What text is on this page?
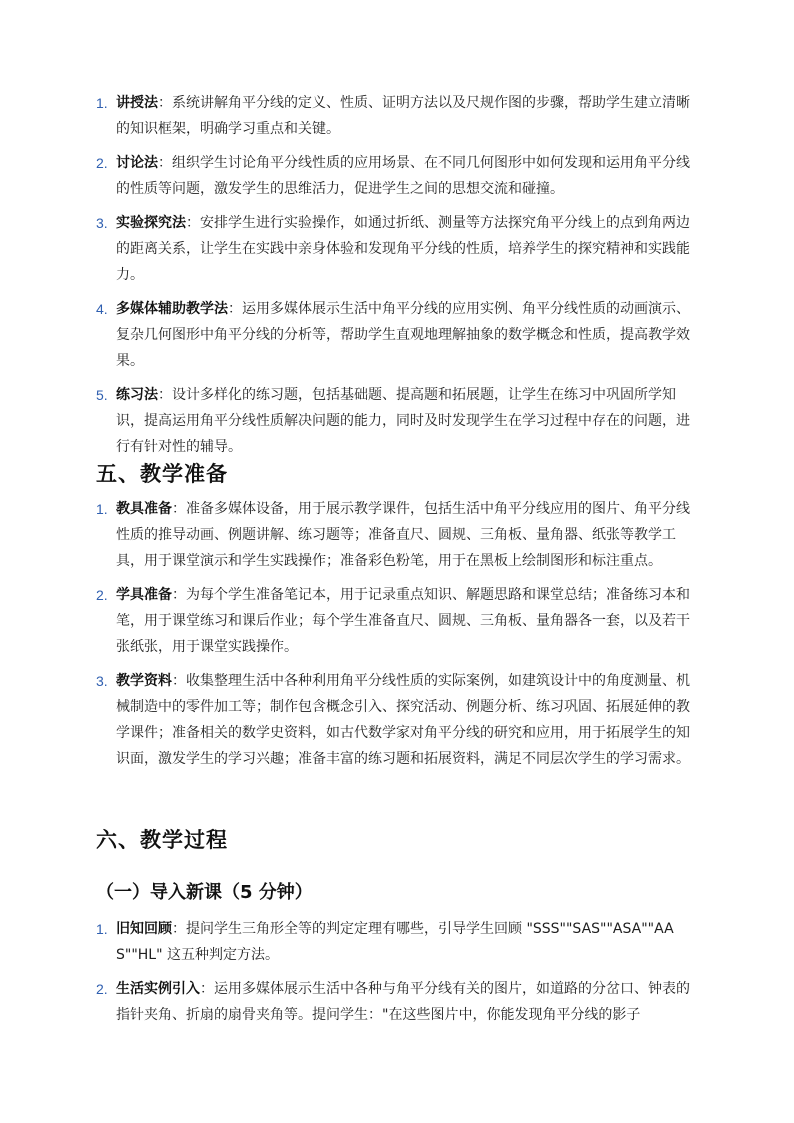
1. 讲授法：系统讲解角平分线的定义、性质、证明方法以及尺规作图的步骤，帮助学生建立清晰的知识框架，明确学习重点和关键。
2. 讨论法：组织学生讨论角平分线性质的应用场景、在不同几何图形中如何发现和运用角平分线的性质等问题，激发学生的思维活力，促进学生之间的思想交流和碰撞。
3. 实验探究法：安排学生进行实验操作，如通过折纸、测量等方法探究角平分线上的点到角两边的距离关系，让学生在实践中亲身体验和发现角平分线的性质，培养学生的探究精神和实践能力。
4. 多媒体辅助教学法：运用多媒体展示生活中角平分线的应用实例、角平分线性质的动画演示、复杂几何图形中角平分线的分析等，帮助学生直观地理解抽象的数学概念和性质，提高教学效果。
5. 练习法：设计多样化的练习题，包括基础题、提高题和拓展题，让学生在练习中巩固所学知识，提高运用角平分线性质解决问题的能力，同时及时发现学生在学习过程中存在的问题，进行有针对性的辅导。
五、教学准备
1. 教具准备：准备多媒体设备，用于展示教学课件，包括生活中角平分线应用的图片、角平分线性质的推导动画、例题讲解、练习题等；准备直尺、圆规、三角板、量角器、纸张等教学工具，用于课堂演示和学生实践操作；准备彩色粉笔，用于在黑板上绘制图形和标注重点。
2. 学具准备：为每个学生准备笔记本，用于记录重点知识、解题思路和课堂总结；准备练习本和笔，用于课堂练习和课后作业；每个学生准备直尺、圆规、三角板、量角器各一套，以及若干张纸张，用于课堂实践操作。
3. 教学资料：收集整理生活中各种利用角平分线性质的实际案例，如建筑设计中的角度测量、机械制造中的零件加工等；制作包含概念引入、探究活动、例题分析、练习巩固、拓展延伸的教学课件；准备相关的数学史资料，如古代数学家对角平分线的研究和应用，用于拓展学生的知识面，激发学生的学习兴趣；准备丰富的练习题和拓展资料，满足不同层次学生的学习需求。
六、教学过程
（一）导入新课（5 分钟）
1. 旧知回顾：提问学生三角形全等的判定定理有哪些，引导学生回顾 "SSS""SAS""ASA""AAS""HL" 这五种判定方法。
2. 生活实例引入：运用多媒体展示生活中各种与角平分线有关的图片，如道路的分岔口、钟表的指针夹角、折扇的扇骨夹角等。提问学生："在这些图片中，你能发现角平分线的影子
